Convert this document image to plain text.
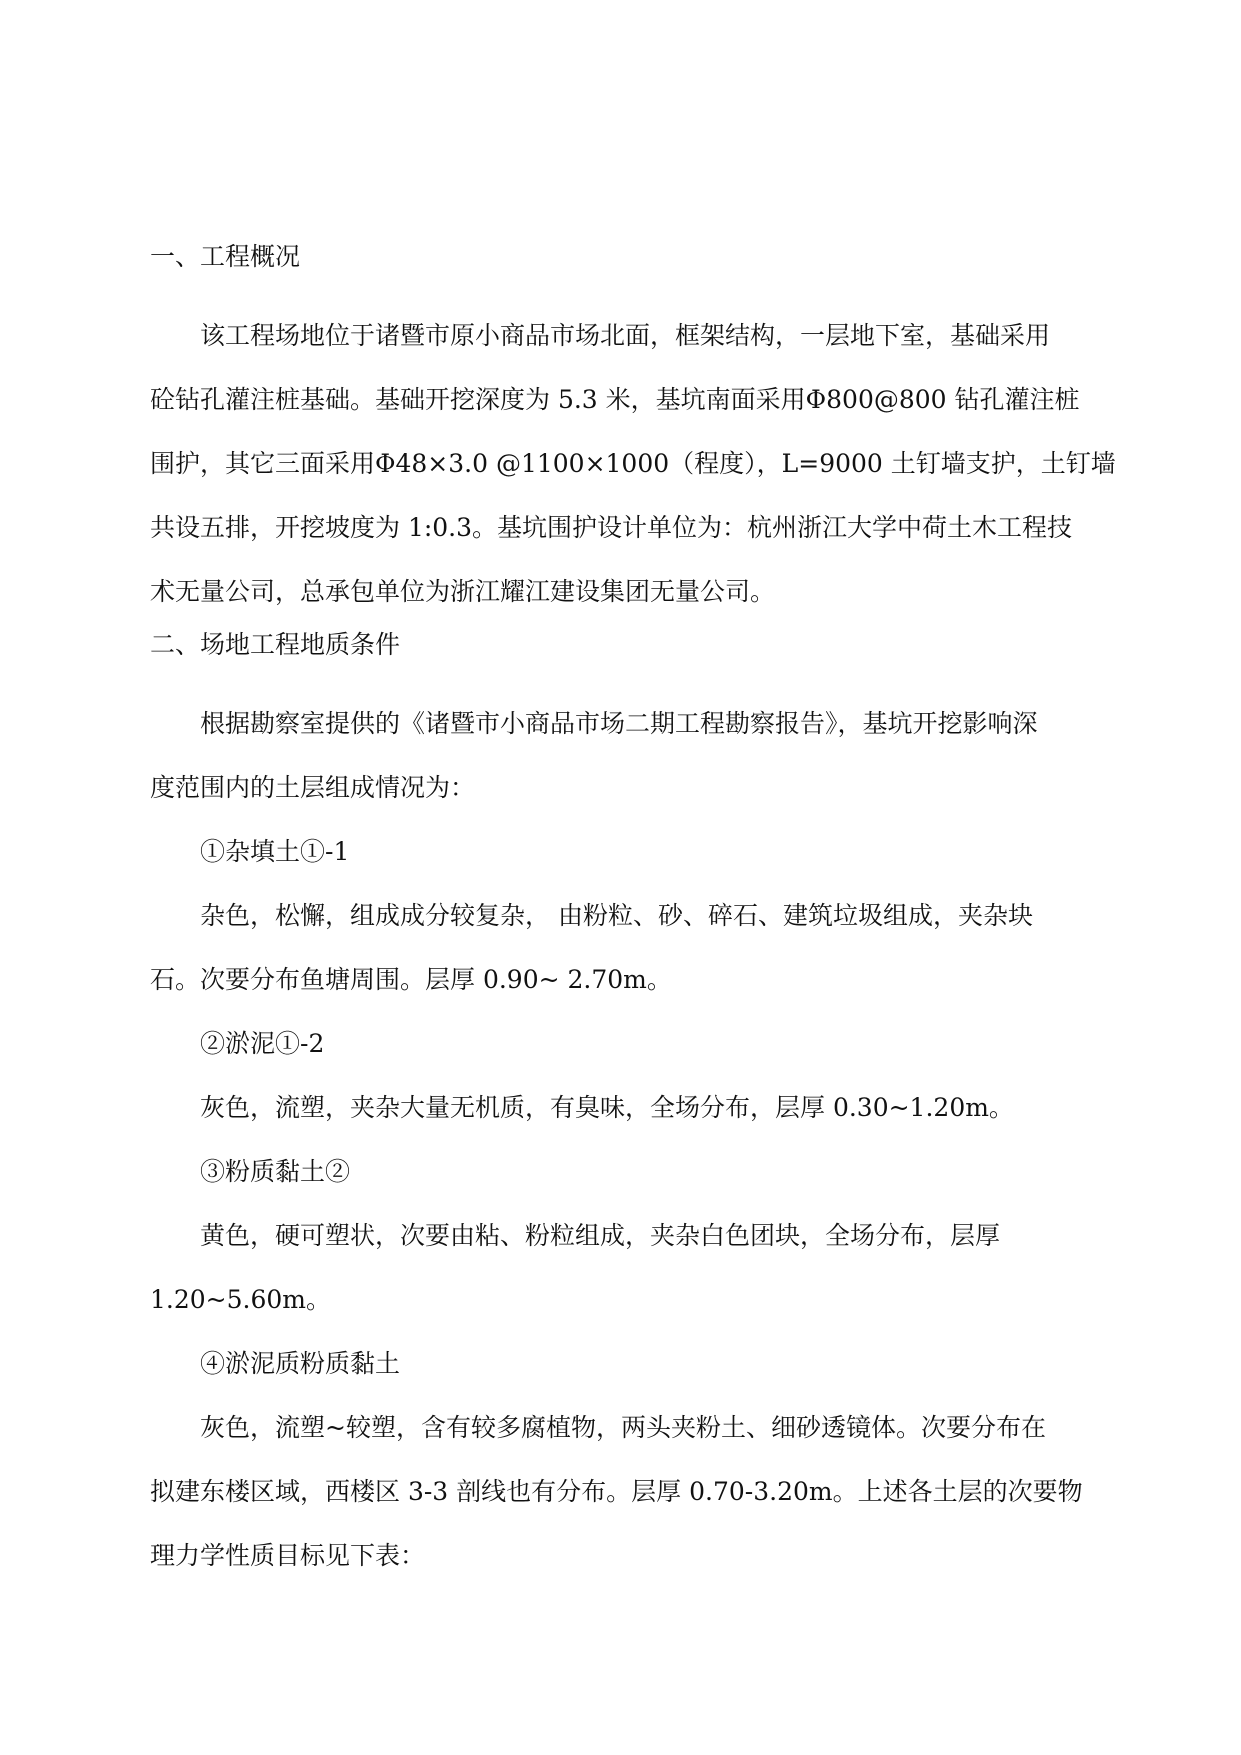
一、工程概况
该工程场地位于诸暨市原小商品市场北面，框架结构，一层地下室，基础采用
砼钻孔灌注桩基础。基础开挖深度为 5.3 米，基坑南面采用Φ800@800 钻孔灌注桩
围护，其它三面采用Φ48×3.0 @1100×1000（程度），L=9000 土钉墙支护，土钉墙
共设五排，开挖坡度为 1:0.3。基坑围护设计单位为：杭州浙江大学中荷土木工程技
术无量公司，总承包单位为浙江耀江建设集团无量公司。
二、场地工程地质条件
根据勘察室提供的《诸暨市小商品市场二期工程勘察报告》，基坑开挖影响深
度范围内的土层组成情况为：
①杂填土①-1
杂色，松懈，组成成分较复杂， 由粉粒、砂、碎石、建筑垃圾组成，夹杂块
石。次要分布鱼塘周围。层厚 0.90~ 2.70m。
②淤泥①-2
灰色，流塑，夹杂大量无机质，有臭味，全场分布，层厚 0.30~1.20m。
③粉质黏土②
黄色，硬可塑状，次要由粘、粉粒组成，夹杂白色团块，全场分布，层厚
1.20~5.60m。
④淤泥质粉质黏土
灰色，流塑~较塑，含有较多腐植物，两头夹粉土、细砂透镜体。次要分布在
拟建东楼区域，西楼区 3-3 剖线也有分布。层厚 0.70-3.20m。上述各土层的次要物
理力学性质目标见下表：
